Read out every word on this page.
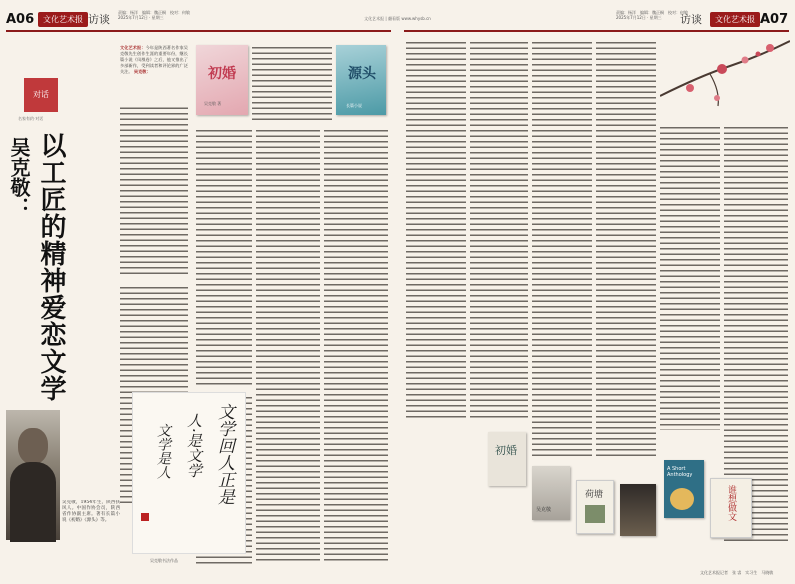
A06	文化艺术报 访谈
责编：杨洋　编辑：魏正桐　校对：何敏
2025年7月12日 · 星期三
对话
名家有约·对话
吴克敬： 以工匠的精神爱恋文学
吴克敬，1954年生，陕西扶风人。中国作协会员，陕西省作协副主席。著有长篇小说《初婚》《源头》等。
文化艺术报：今年是陕西著名作家吴克敬先生创作生涯的重要年份，继长篇小说《凤凰卷》之后，他又推出了多部新作，受到读者和评论界的广泛关注。 吴克敬：	初婚
吴克敬 著
源头
长篇小说
文学回人正是
人·是文学
文学是人
吴克敬书法作品
文化艺术报 | 翻看版 www.whysb.cn
责编：杨洋　编辑：魏正桐　校对：何敏
2025年7月12日 · 星期三	访谈	文化艺术报 A07
初婚
吴克敬
荷塘
A Short Anthology
谁想做文
文化艺术报记者　张 睿　实习生　马晓敏
